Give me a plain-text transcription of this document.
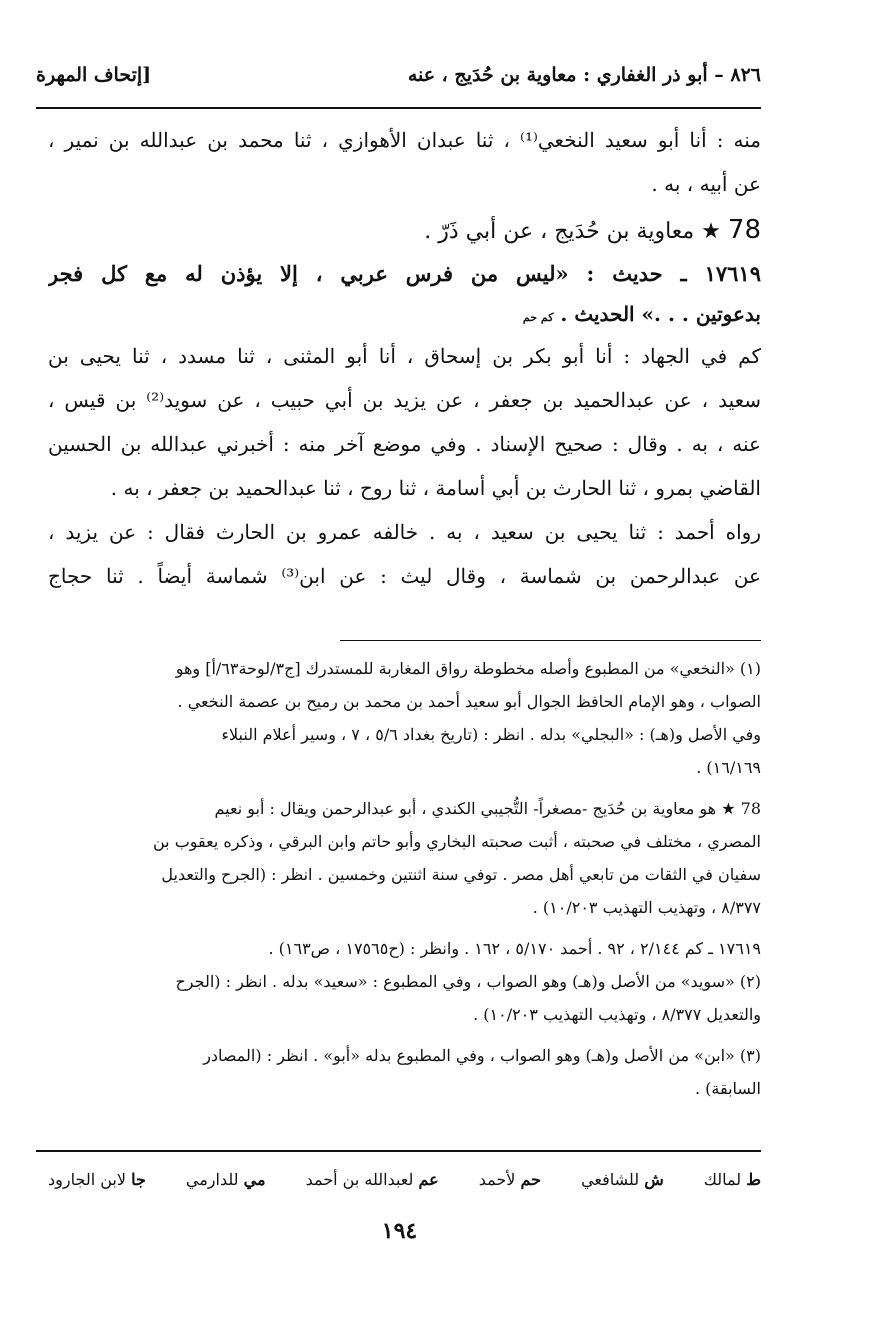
[إتحاف المهرة	٨٢٦ – أبو ذر الغفاري : معاوية بن حُدَيج ، عنه
منه : أنا أبو سعيد النخعي⁽¹⁾ ، ثنا عبدان الأهوازي ، ثنا محمد بن عبدالله بن نمير ،
عن أبيه ، به .
78 ★ معاوية بن حُدَيج ، عن أبي ذَرّ .
١٧٦١٩ ـ حديث : «ليس من فرس عربي ، إلا يؤذن له مع كل فجر
بدعوتين . . .» الحديث . كم حم
كم في الجهاد : أنا أبو بكر بن إسحاق ، أنا أبو المثنى ، ثنا مسدد ، ثنا يحيى بن
سعيد ، عن عبدالحميد بن جعفر ، عن يزيد بن أبي حبيب ، عن سويد⁽²⁾ بن قيس ،
عنه ، به . وقال : صحيح الإسناد . وفي موضع آخر منه : أخبرني عبدالله بن الحسين
القاضي بمرو ، ثنا الحارث بن أبي أسامة ، ثنا روح ، ثنا عبدالحميد بن جعفر ، به .
رواه أحمد : ثنا يحيى بن سعيد ، به . خالفه عمرو بن الحارث فقال : عن يزيد ،
عن عبدالرحمن بن شماسة ، وقال ليث : عن ابن⁽³⁾ شماسة أيضاً . ثنا حجاج
(١) «النخعي» من المطبوع وأصله مخطوطة رواق المغاربة للمستدرك [ج٣/لوحة٦٣/أ] وهو
الصواب ، وهو الإمام الحافظ الجوال أبو سعيد أحمد بن محمد بن رميح بن عصمة النخعي .
وفي الأصل و(هـ) : «البجلي» بدله . انظر : (تاريخ بغداد ٥/٦ ، ٧ ، وسير أعلام النبلاء
١٦/١٦٩) .
78 ★ هو معاوية بن حُدَيج -مصغراً- التُّجيبي الكندي ، أبو عبدالرحمن ويقال : أبو نعيم
المصري ، مختلف في صحبته ، أثبت صحبته البخاري وأبو حاتم وابن البرقي ، وذكره يعقوب بن
سفيان في الثقات من تابعي أهل مصر . توفي سنة اثنتين وخمسين . انظر : (الجرح والتعديل
٨/٣٧٧ ، وتهذيب التهذيب ١٠/٢٠٣) .
١٧٦١٩ ـ كم ٢/١٤٤ ، ٩٢ . أحمد ٥/١٧٠ ، ١٦٢ . وانظر : (ح١٧٥٦٥ ، ص١٦٣) .
(٢) «سويد» من الأصل و(هـ) وهو الصواب ، وفي المطبوع : «سعيد» بدله . انظر : (الجرح
والتعديل ٨/٣٧٧ ، وتهذيب التهذيب ١٠/٢٠٣) .
(٣) «ابن» من الأصل و(هـ) وهو الصواب ، وفي المطبوع بدله «أبو» . انظر : (المصادر
السابقة) .
ط لمالك
ش للشافعي
حم لأحمد
عم لعبدالله بن أحمد
مي للدارمي
جا لابن الجارود
١٩٤
